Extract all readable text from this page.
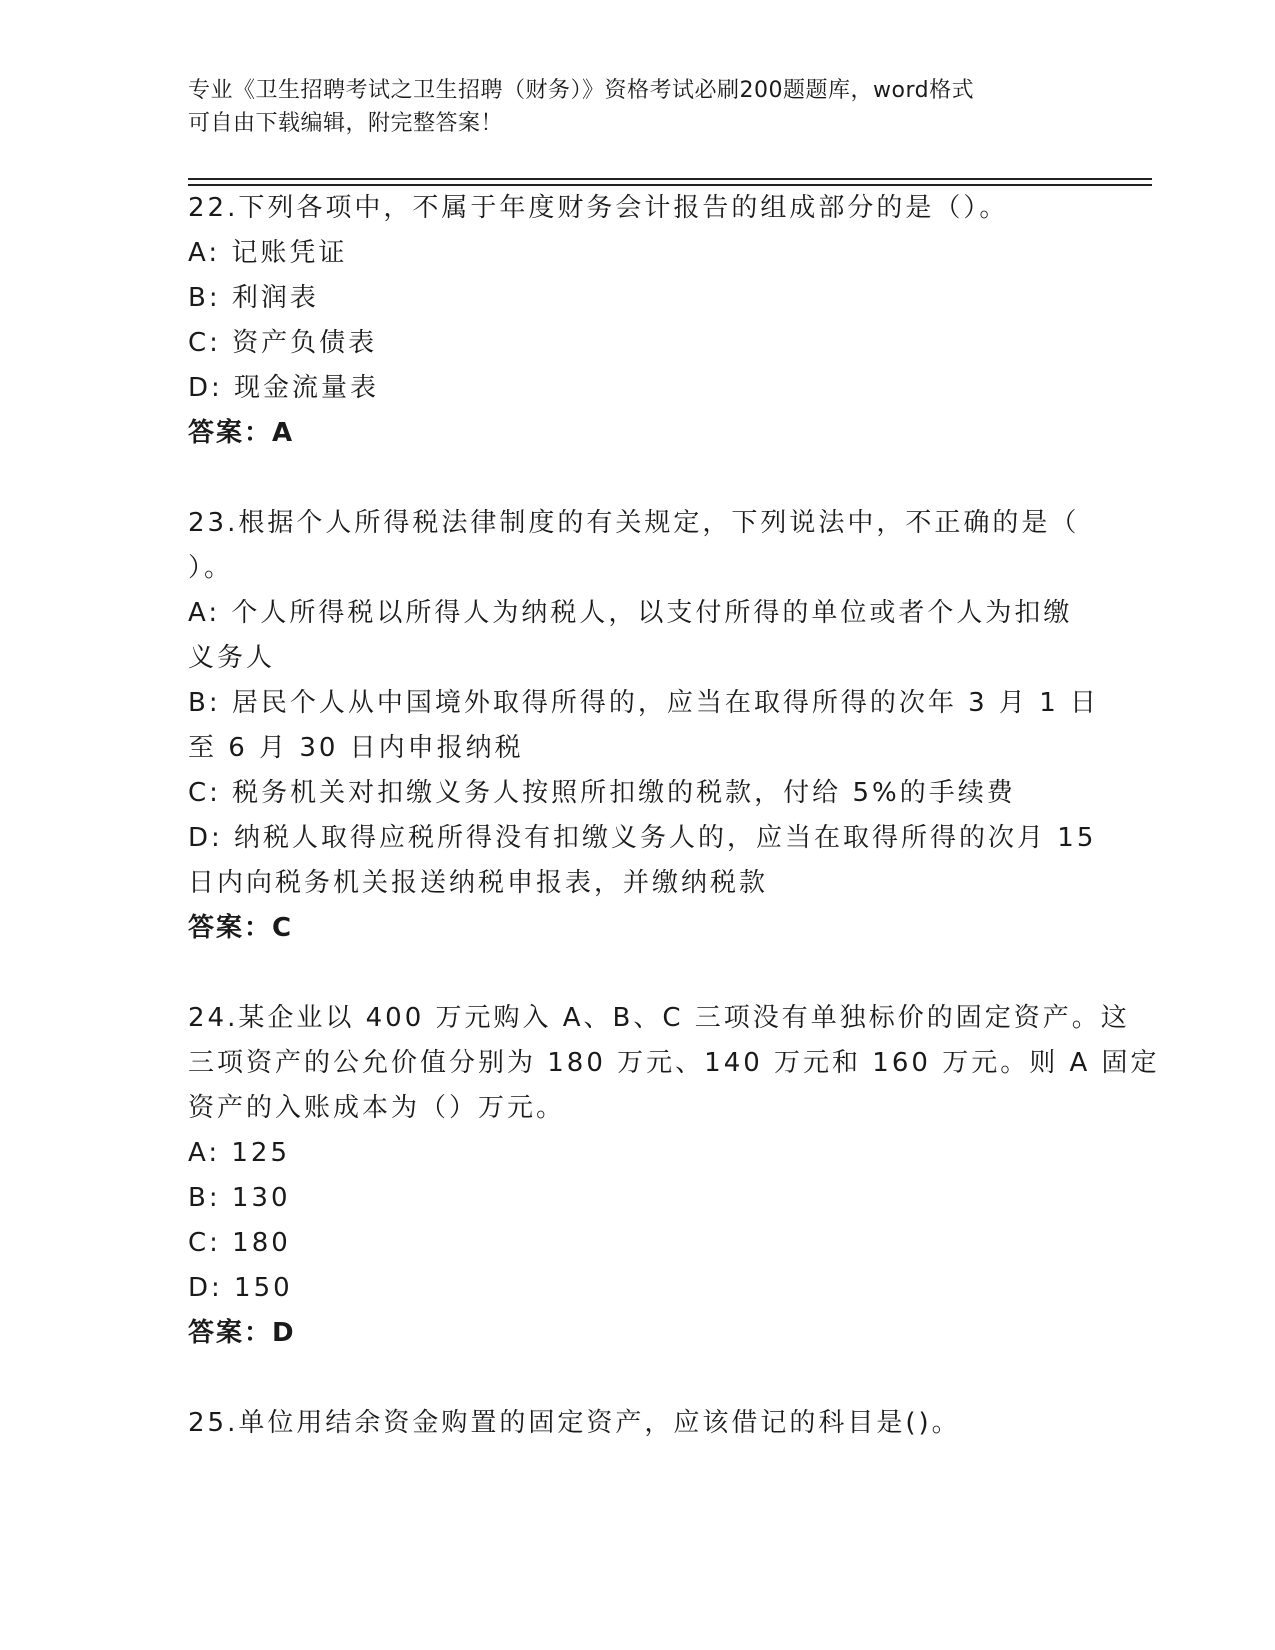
专业《卫生招聘考试之卫生招聘（财务）》资格考试必刷200题题库，word格式
可自由下载编辑，附完整答案！
22.下列各项中，不属于年度财务会计报告的组成部分的是（）。
A: 记账凭证
B: 利润表
C: 资产负债表
D: 现金流量表
答案：A
23.根据个人所得税法律制度的有关规定，下列说法中，不正确的是（
）。
A: 个人所得税以所得人为纳税人，以支付所得的单位或者个人为扣缴
义务人
B: 居民个人从中国境外取得所得的，应当在取得所得的次年 3 月 1 日
至 6 月 30 日内申报纳税
C: 税务机关对扣缴义务人按照所扣缴的税款，付给 5%的手续费
D: 纳税人取得应税所得没有扣缴义务人的，应当在取得所得的次月 15
日内向税务机关报送纳税申报表，并缴纳税款
答案：C
24.某企业以 400 万元购入 A、B、C 三项没有单独标价的固定资产。这
三项资产的公允价值分别为 180 万元、140 万元和 160 万元。则 A 固定
资产的入账成本为（）万元。
A: 125
B: 130
C: 180
D: 150
答案：D
25.单位用结余资金购置的固定资产，应该借记的科目是()。
